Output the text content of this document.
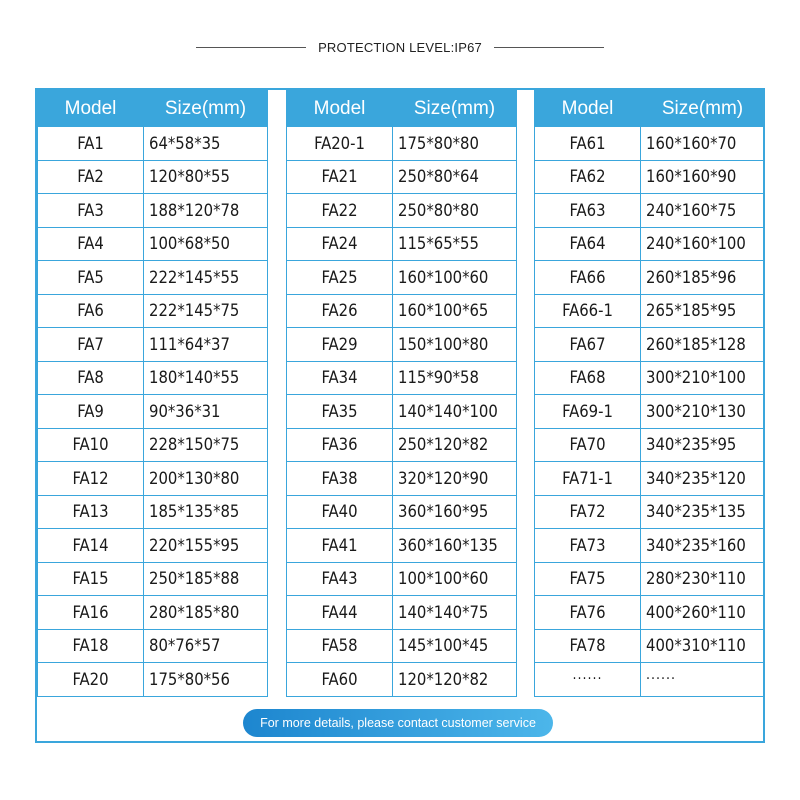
PROTECTION LEVEL:IP67
Model	Size(mm)
FA1	64*58*35
FA2	120*80*55
FA3	188*120*78
FA4	100*68*50
FA5	222*145*55
FA6	222*145*75
FA7	111*64*37
FA8	180*140*55
FA9	90*36*31
FA10	228*150*75
FA12	200*130*80
FA13	185*135*85
FA14	220*155*95
FA15	250*185*88
FA16	280*185*80
FA18	80*76*57
FA20	175*80*56
Model	Size(mm)
FA20-1	175*80*80
FA21	250*80*64
FA22	250*80*80
FA24	115*65*55
FA25	160*100*60
FA26	160*100*65
FA29	150*100*80
FA34	115*90*58
FA35	140*140*100
FA36	250*120*82
FA38	320*120*90
FA40	360*160*95
FA41	360*160*135
FA43	100*100*60
FA44	140*140*75
FA58	145*100*45
FA60	120*120*82
Model	Size(mm)
FA61	160*160*70
FA62	160*160*90
FA63	240*160*75
FA64	240*160*100
FA66	260*185*96
FA66-1	265*185*95
FA67	260*185*128
FA68	300*210*100
FA69-1	300*210*130
FA70	340*235*95
FA71-1	340*235*120
FA72	340*235*135
FA73	340*235*160
FA75	280*230*110
FA76	400*260*110
FA78	400*310*110
······	······
For more details, please contact customer service
